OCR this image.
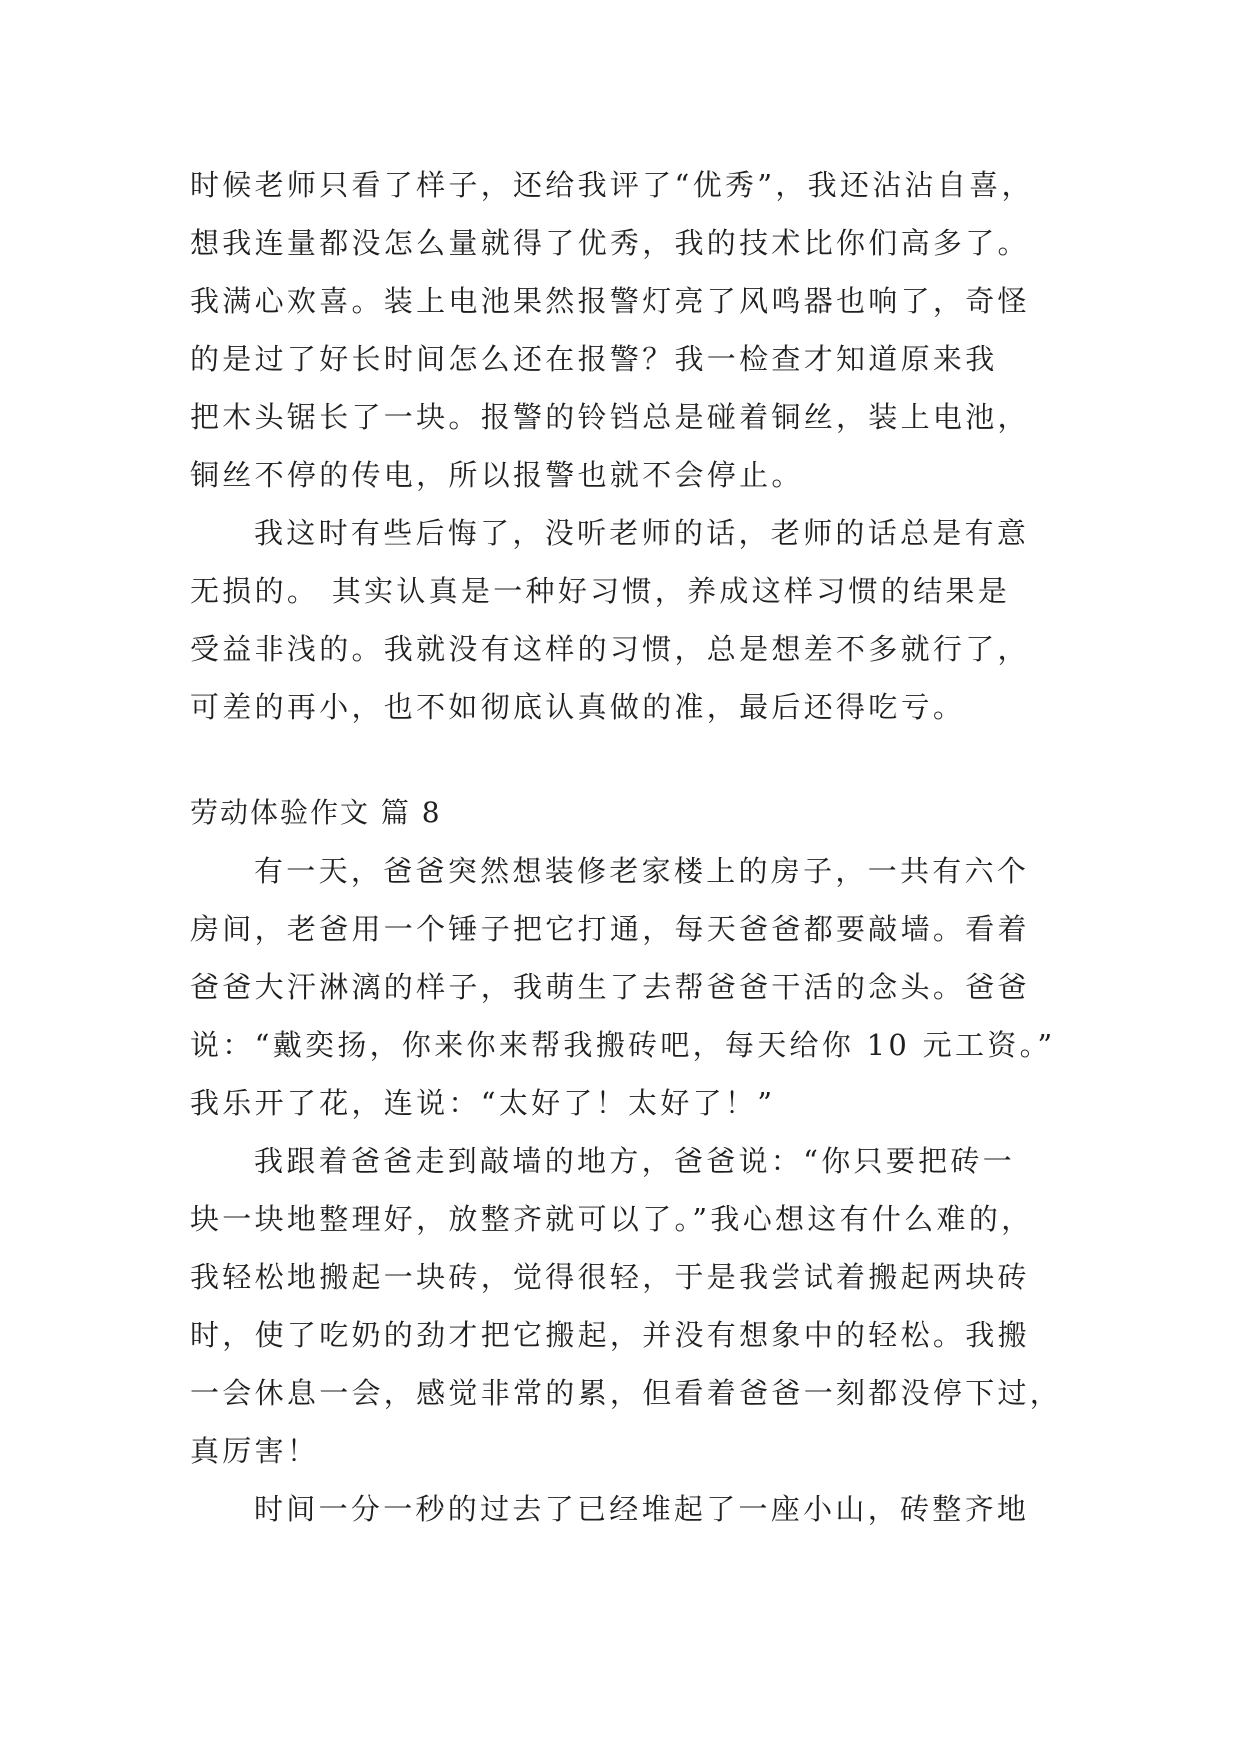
时候老师只看了样子，还给我评了“优秀”，我还沾沾自喜，
想我连量都没怎么量就得了优秀，我的技术比你们高多了。
我满心欢喜。装上电池果然报警灯亮了风鸣器也响了，奇怪
的是过了好长时间怎么还在报警？我一检查才知道原来我
把木头锯长了一块。报警的铃铛总是碰着铜丝，装上电池，
铜丝不停的传电，所以报警也就不会停止。
我这时有些后悔了，没听老师的话，老师的话总是有意
无损的。 其实认真是一种好习惯，养成这样习惯的结果是
受益非浅的。我就没有这样的习惯，总是想差不多就行了，
可差的再小，也不如彻底认真做的准，最后还得吃亏。
劳动体验作文 篇 8
有一天，爸爸突然想装修老家楼上的房子，一共有六个
房间，老爸用一个锤子把它打通，每天爸爸都要敲墙。看着
爸爸大汗淋漓的样子，我萌生了去帮爸爸干活的念头。爸爸
说：“戴奕扬，你来你来帮我搬砖吧，每天给你 10 元工资。”
我乐开了花，连说：“太好了！太好了！”
我跟着爸爸走到敲墙的地方，爸爸说：“你只要把砖一
块一块地整理好，放整齐就可以了。”我心想这有什么难的，
我轻松地搬起一块砖，觉得很轻，于是我尝试着搬起两块砖
时，使了吃奶的劲才把它搬起，并没有想象中的轻松。我搬
一会休息一会，感觉非常的累，但看着爸爸一刻都没停下过，
真厉害！
时间一分一秒的过去了已经堆起了一座小山，砖整齐地
